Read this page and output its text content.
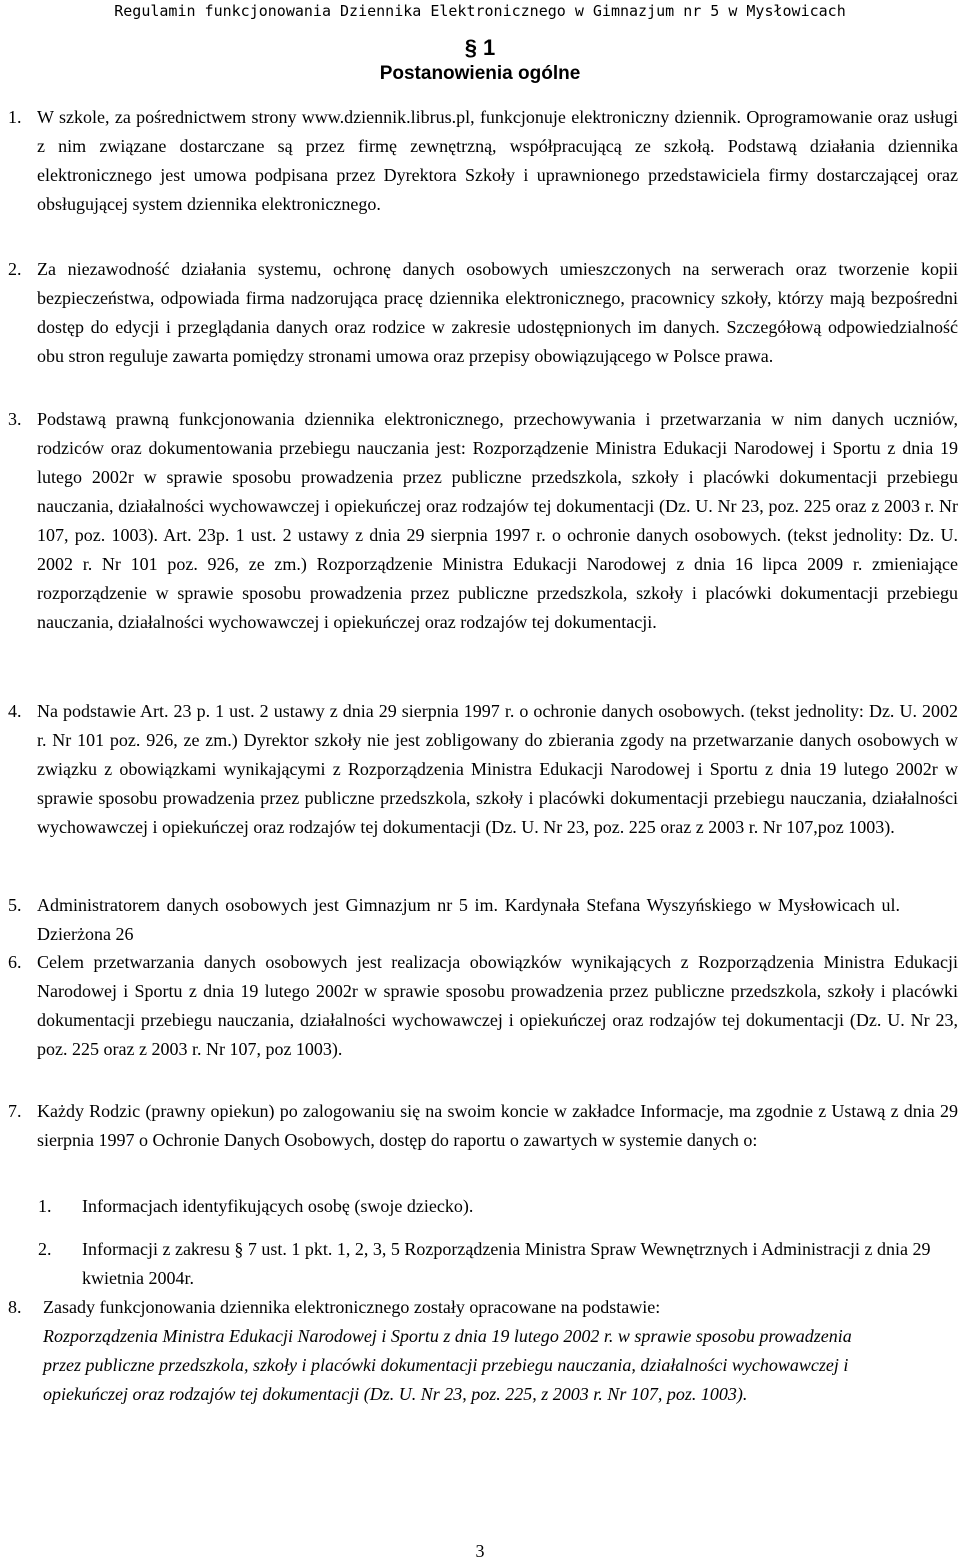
Regulamin funkcjonowania Dziennika Elektronicznego w Gimnazjum nr 5 w Mysłowicach
§ 1
Postanowienia ogólne
1. W szkole, za pośrednictwem strony www.dziennik.librus.pl, funkcjonuje elektroniczny dziennik. Oprogramowanie oraz usługi z nim związane dostarczane są przez firmę zewnętrzną, współpracującą ze szkołą. Podstawą działania dziennika elektronicznego jest umowa podpisana przez Dyrektora Szkoły i uprawnionego przedstawiciela firmy dostarczającej oraz obsługującej system dziennika elektronicznego.
2. Za niezawodność działania systemu, ochronę danych osobowych umieszczonych na serwerach oraz tworzenie kopii bezpieczeństwa, odpowiada firma nadzorująca pracę dziennika elektronicznego, pracownicy szkoły, którzy mają bezpośredni dostęp do edycji i przeglądania danych oraz rodzice w zakresie udostępnionych im danych. Szczegółową odpowiedzialność obu stron reguluje zawarta pomiędzy stronami umowa oraz przepisy obowiązującego w Polsce prawa.
3. Podstawą prawną funkcjonowania dziennika elektronicznego, przechowywania i przetwarzania w nim danych uczniów, rodziców oraz dokumentowania przebiegu nauczania jest: Rozporządzenie Ministra Edukacji Narodowej i Sportu z dnia 19 lutego 2002r w sprawie sposobu prowadzenia przez publiczne przedszkola, szkoły i placówki dokumentacji przebiegu nauczania, działalności wychowawczej i opiekuńczej oraz rodzajów tej dokumentacji (Dz. U. Nr 23, poz. 225 oraz z 2003 r. Nr 107, poz. 1003). Art. 23p. 1 ust. 2 ustawy z dnia 29 sierpnia 1997 r. o ochronie danych osobowych. (tekst jednolity: Dz. U. 2002 r. Nr 101 poz. 926, ze zm.) Rozporządzenie Ministra Edukacji Narodowej z dnia 16 lipca 2009 r. zmieniające rozporządzenie w sprawie sposobu prowadzenia przez publiczne przedszkola, szkoły i placówki dokumentacji przebiegu nauczania, działalności wychowawczej i opiekuńczej oraz rodzajów tej dokumentacji.
4. Na podstawie Art. 23 p. 1 ust. 2 ustawy z dnia 29 sierpnia 1997 r. o ochronie danych osobowych. (tekst jednolity: Dz. U. 2002 r. Nr 101 poz. 926, ze zm.) Dyrektor szkoły nie jest zobligowany do zbierania zgody na przetwarzanie danych osobowych w związku z obowiązkami wynikającymi z Rozporządzenia Ministra Edukacji Narodowej i Sportu z dnia 19 lutego 2002r w sprawie sposobu prowadzenia przez publiczne przedszkola, szkoły i placówki dokumentacji przebiegu nauczania, działalności wychowawczej i opiekuńczej oraz rodzajów tej dokumentacji (Dz. U. Nr 23, poz. 225 oraz z 2003 r. Nr 107,poz 1003).
5. Administratorem danych osobowych jest Gimnazjum nr 5 im. Kardynała Stefana Wyszyńskiego w Mysłowicach ul. Dzierżona 26
6. Celem przetwarzania danych osobowych jest realizacja obowiązków wynikających z Rozporządzenia Ministra Edukacji Narodowej i Sportu z dnia 19 lutego 2002r w sprawie sposobu prowadzenia przez publiczne przedszkola, szkoły i placówki dokumentacji przebiegu nauczania, działalności wychowawczej i opiekuńczej oraz rodzajów tej dokumentacji (Dz. U. Nr 23, poz. 225 oraz z 2003 r. Nr 107, poz 1003).
7. Każdy Rodzic (prawny opiekun) po zalogowaniu się na swoim koncie w zakładce Informacje, ma zgodnie z Ustawą z dnia 29 sierpnia 1997 o Ochronie Danych Osobowych, dostęp do raportu o zawartych w systemie danych o:
1. Informacjach identyfikujących osobę (swoje dziecko).
2. Informacji z zakresu § 7 ust. 1 pkt. 1, 2, 3, 5 Rozporządzenia Ministra Spraw Wewnętrznych i Administracji z dnia 29 kwietnia 2004r.
8. Zasady funkcjonowania dziennika elektronicznego zostały opracowane na podstawie:
Rozporządzenia Ministra Edukacji Narodowej i Sportu z dnia 19 lutego 2002 r. w sprawie sposobu prowadzenia przez publiczne przedszkola, szkoły i placówki dokumentacji przebiegu nauczania, działalności wychowawczej i opiekuńczej oraz rodzajów tej dokumentacji (Dz. U. Nr 23, poz. 225, z 2003 r. Nr 107, poz. 1003).
3
